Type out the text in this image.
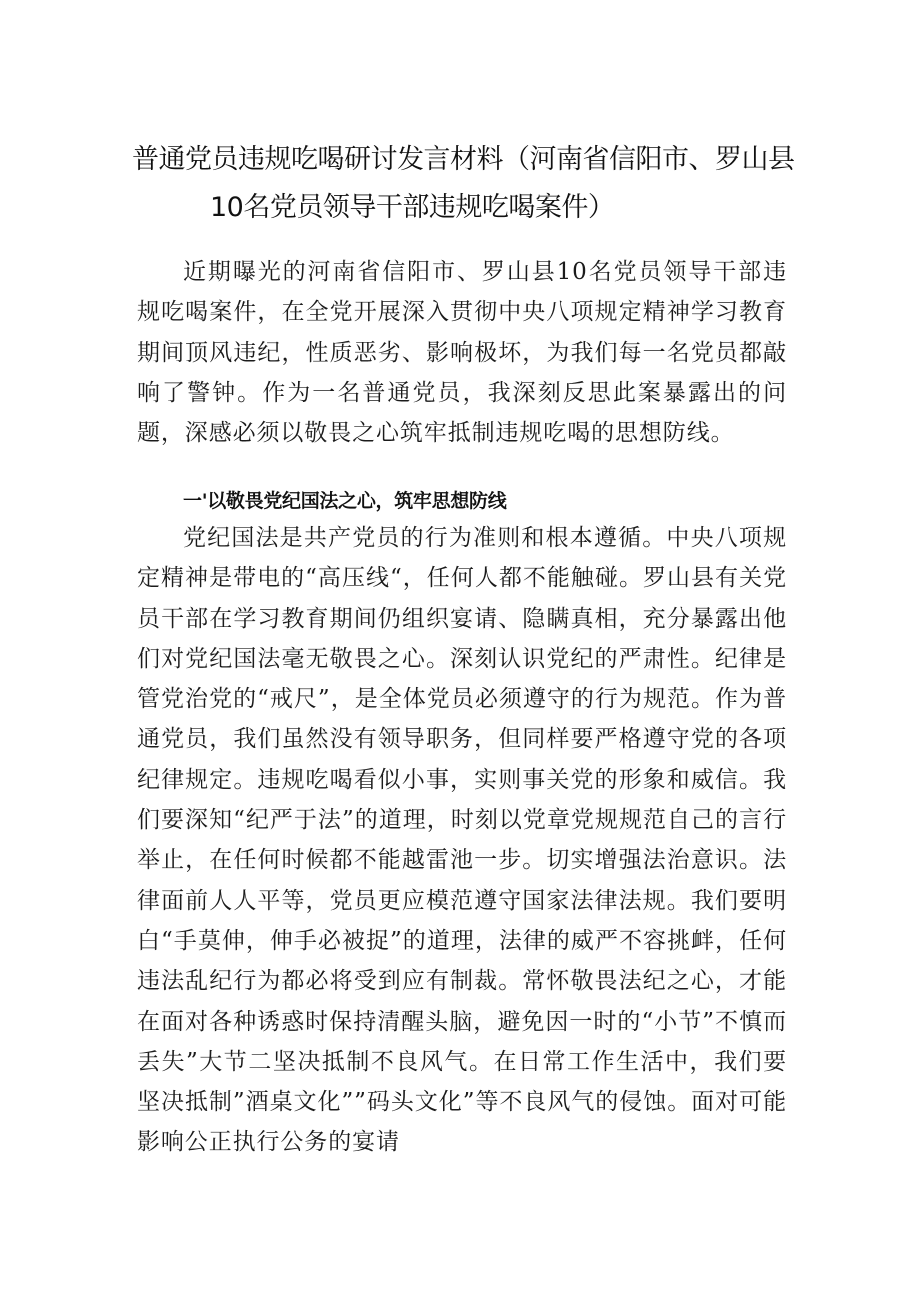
普通党员违规吃喝研讨发言材料（河南省信阳市、罗山县
10名党员领导干部违规吃喝案件）

近期曝光的河南省信阳市、罗山县10名党员领导干部违规吃喝案件，在全党开展深入贯彻中央八项规定精神学习教育期间顶风违纪，性质恶劣、影响极坏，为我们每一名党员都敲响了警钟。作为一名普通党员，我深刻反思此案暴露出的问题，深感必须以敬畏之心筑牢抵制违规吃喝的思想防线。

一'以敬畏党纪国法之心，筑牢思想防线

党纪国法是共产党员的行为准则和根本遵循。中央八项规定精神是带电的“高压线“，任何人都不能触碰。罗山县有关党员干部在学习教育期间仍组织宴请、隐瞒真相，充分暴露出他们对党纪国法毫无敬畏之心。深刻认识党纪的严肃性。纪律是管党治党的“戒尺”，是全体党员必须遵守的行为规范。作为普通党员，我们虽然没有领导职务，但同样要严格遵守党的各项纪律规定。违规吃喝看似小事，实则事关党的形象和威信。我们要深知“纪严于法”的道理，时刻以党章党规规范自己的言行举止，在任何时候都不能越雷池一步。切实增强法治意识。法律面前人人平等，党员更应模范遵守国家法律法规。我们要明白“手莫伸，伸手必被捉”的道理，法律的威严不容挑衅，任何违法乱纪行为都必将受到应有制裁。常怀敬畏法纪之心，才能在面对各种诱惑时保持清醒头脑，避免因一时的“小节”不慎而丢失”大节二坚决抵制不良风气。在日常工作生活中，我们要坚决抵制”酒桌文化””码头文化”等不良风气的侵蚀。面对可能影响公正执行公务的宴请
